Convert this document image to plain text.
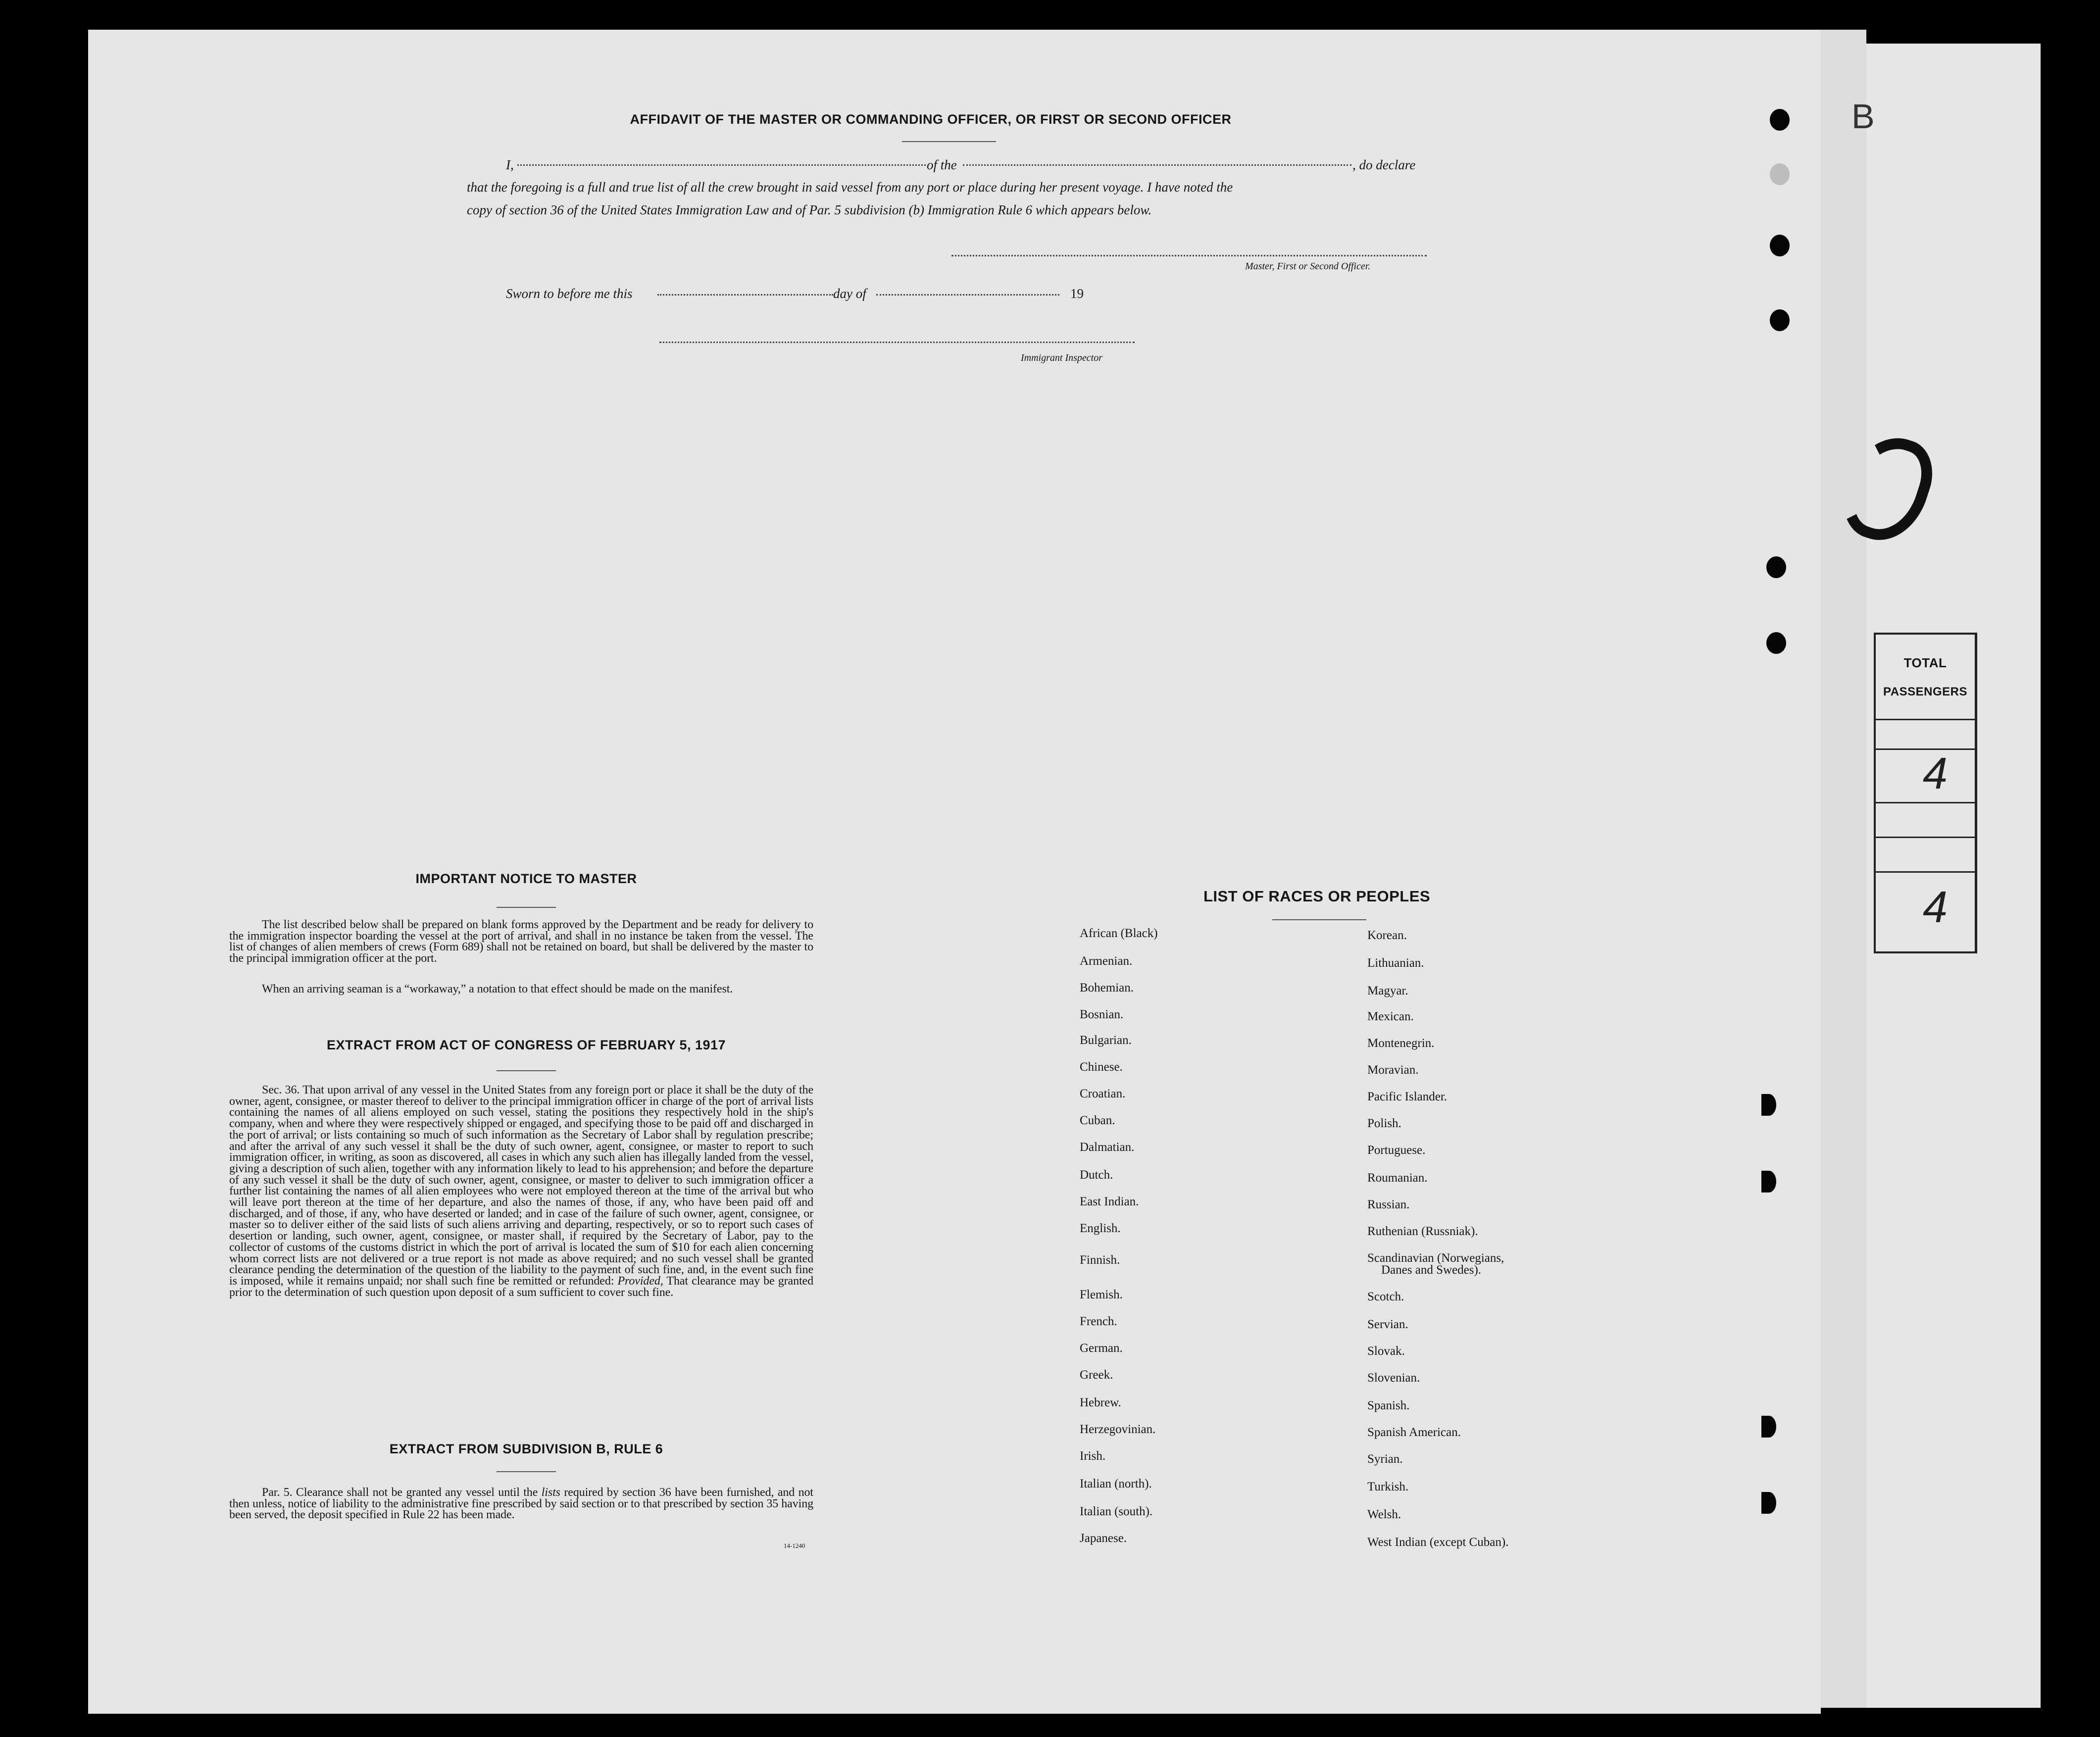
B
TOTAL
PASSENGERS
4
4
AFFIDAVIT OF THE MASTER OR COMMANDING OFFICER, OR FIRST OR SECOND OFFICER
I,	of the	, do declare
that the foregoing is a full and true list of all the crew brought in said vessel from any port or place during her present voyage. I have noted the
copy of section 36 of the United States Immigration Law and of Par. 5 subdivision (b) Immigration Rule 6 which appears below.
Master, First or Second Officer.
Sworn to before me this	day of	19
Immigrant Inspector
IMPORTANT NOTICE TO MASTER
The list described below shall be prepared on blank forms approved by the Department and be ready for delivery to the immigration inspector boarding the vessel at the port of arrival, and shall in no instance be taken from the vessel. The list of changes of alien members of crews (Form 689) shall not be retained on board, but shall be delivered by the master to the principal immigration officer at the port.
When an arriving seaman is a “workaway,” a notation to that effect should be made on the manifest.
EXTRACT FROM ACT OF CONGRESS OF FEBRUARY 5, 1917
Sec. 36. That upon arrival of any vessel in the United States from any foreign port or place it shall be the duty of the owner, agent, consignee, or master thereof to deliver to the principal immigration officer in charge of the port of arrival lists containing the names of all aliens employed on such vessel, stating the positions they respectively hold in the ship's company, when and where they were respectively shipped or engaged, and specifying those to be paid off and discharged in the port of arrival; or lists containing so much of such information as the Secretary of Labor shall by regulation prescribe; and after the arrival of any such vessel it shall be the duty of such owner, agent, consignee, or master to report to such immigration officer, in writing, as soon as discovered, all cases in which any such alien has illegally landed from the vessel, giving a description of such alien, together with any information likely to lead to his apprehension; and before the departure of any such vessel it shall be the duty of such owner, agent, consignee, or master to deliver to such immigration officer a further list containing the names of all alien employees who were not employed thereon at the time of the arrival but who will leave port thereon at the time of her departure, and also the names of those, if any, who have been paid off and discharged, and of those, if any, who have deserted or landed; and in case of the failure of such owner, agent, consignee, or master so to deliver either of the said lists of such aliens arriving and departing, respectively, or so to report such cases of desertion or landing, such owner, agent, consignee, or master shall, if required by the Secretary of Labor, pay to the collector of customs of the customs district in which the port of arrival is located the sum of $10 for each alien concerning whom correct lists are not delivered or a true report is not made as above required; and no such vessel shall be granted clearance pending the determination of the question of the liability to the payment of such fine, and, in the event such fine is imposed, while it remains unpaid; nor shall such fine be remitted or refunded: Provided, That clearance may be granted prior to the determination of such question upon deposit of a sum sufficient to cover such fine.
EXTRACT FROM SUBDIVISION B, RULE 6
Par. 5. Clearance shall not be granted any vessel until the lists required by section 36 have been furnished, and not then unless, notice of liability to the administrative fine prescribed by said section or to that prescribed by section 35 having been served, the deposit specified in Rule 22 has been made.
14-1240
LIST OF RACES OR PEOPLES
African (Black)
Armenian.
Bohemian.
Bosnian.
Bulgarian.
Chinese.
Croatian.
Cuban.
Dalmatian.
Dutch.
East Indian.
English.
Finnish.
Flemish.
French.
German.
Greek.
Hebrew.
Herzegovinian.
Irish.
Italian (north).
Italian (south).
Japanese.
Korean.
Lithuanian.
Magyar.
Mexican.
Montenegrin.
Moravian.
Pacific Islander.
Polish.
Portuguese.
Roumanian.
Russian.
Ruthenian (Russniak).
Scandinavian (Norwegians,
Scotch.
Servian.
Slovak.
Slovenian.
Spanish.
Spanish American.
Syrian.
Turkish.
Welsh.
West Indian (except Cuban).
Danes and Swedes).
